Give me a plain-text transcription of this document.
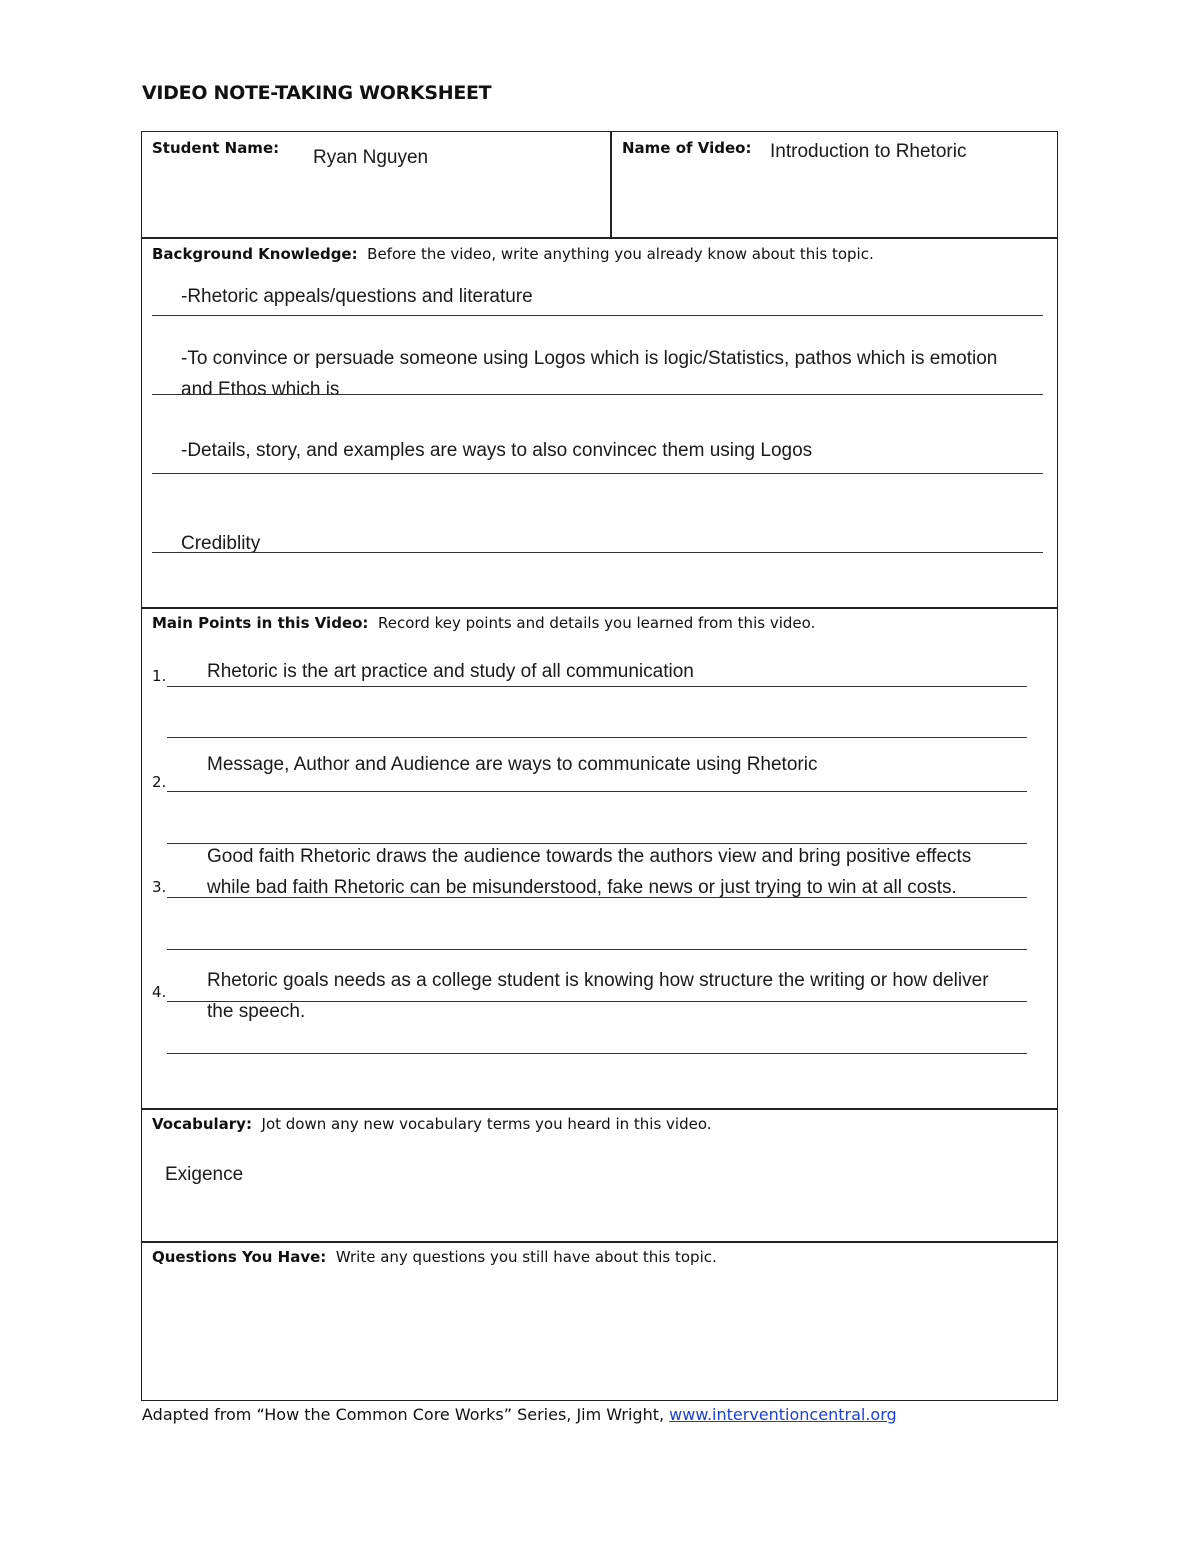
VIDEO NOTE-TAKING WORKSHEET
Student Name: Ryan Nguyen	Name of Video: Introduction to Rhetoric
Background Knowledge: Before the video, write anything you already know about this topic.
-Rhetoric appeals/questions and literature
-To convince or persuade someone using Logos which is logic/Statistics, pathos which is emotion
and Ethos which is
-Details, story, and examples are ways to also convincec them using Logos
Crediblity
Main Points in this Video: Record key points and details you learned from this video.
1. Rhetoric is the art practice and study of all communication
2.
Message, Author and Audience are ways to communicate using Rhetoric
3.
Good faith Rhetoric draws the audience towards the authors view and bring positive effects
while bad faith Rhetoric can be misunderstood, fake news or just trying to win at all costs.
4.
Rhetoric goals needs as a college student is knowing how structure the writing or how deliver
the speech.
Vocabulary: Jot down any new vocabulary terms you heard in this video.
Exigence
Questions You Have: Write any questions you still have about this topic.
Adapted from “How the Common Core Works” Series, Jim Wright, www.interventioncentral.org
